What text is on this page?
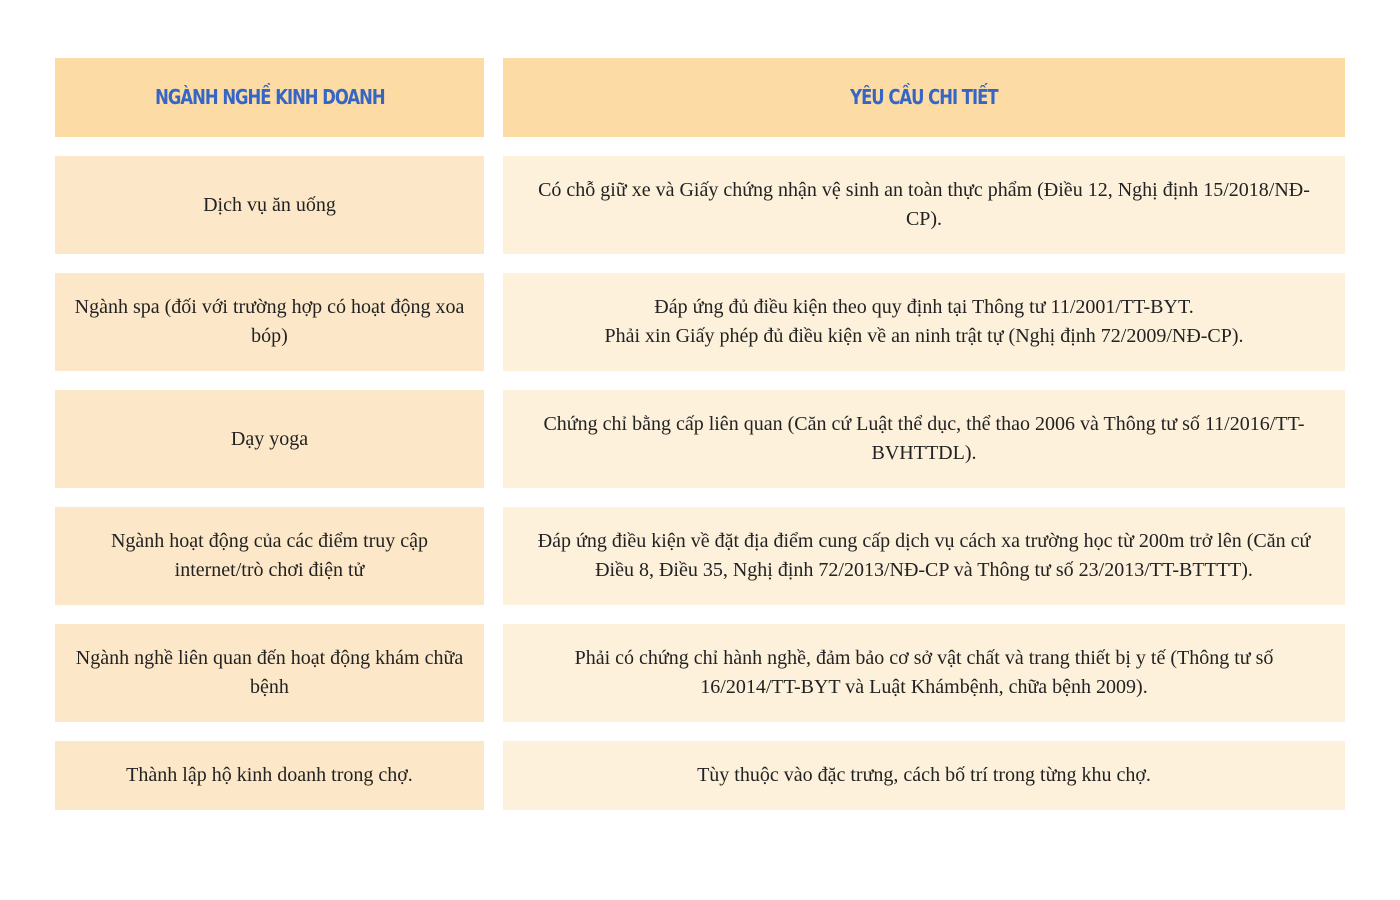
NGÀNH NGHỀ KINH DOANH	YÊU CẦU CHI TIẾT
Dịch vụ ăn uống
Có chỗ giữ xe và Giấy chứng nhận vệ sinh an toàn thực phẩm (Điều 12, Nghị định 15/2018/NĐ-CP).
Ngành spa (đối với trường hợp có hoạt động xoa bóp)
Đáp ứng đủ điều kiện theo quy định tại Thông tư 11/2001/TT-BYT.
Phải xin Giấy phép đủ điều kiện về an ninh trật tự (Nghị định 72/2009/NĐ-CP).
Dạy yoga
Chứng chỉ bằng cấp liên quan (Căn cứ Luật thể dục, thể thao 2006 và Thông tư số 11/2016/TT-BVHTTDL).
Ngành hoạt động của các điểm truy cập internet/trò chơi điện tử
Đáp ứng điều kiện về đặt địa điểm cung cấp dịch vụ cách xa trường học từ 200m trở lên (Căn cứ Điều 8, Điều 35, Nghị định 72/2013/NĐ-CP và Thông tư số 23/2013/TT-BTTTT).
Ngành nghề liên quan đến hoạt động khám chữa bệnh
Phải có chứng chỉ hành nghề, đảm bảo cơ sở vật chất và trang thiết bị y tế (Thông tư số 16/2014/TT-BYT và Luật Khámbệnh, chữa bệnh 2009).
Thành lập hộ kinh doanh trong chợ.	Tùy thuộc vào đặc trưng, cách bố trí trong từng khu chợ.
